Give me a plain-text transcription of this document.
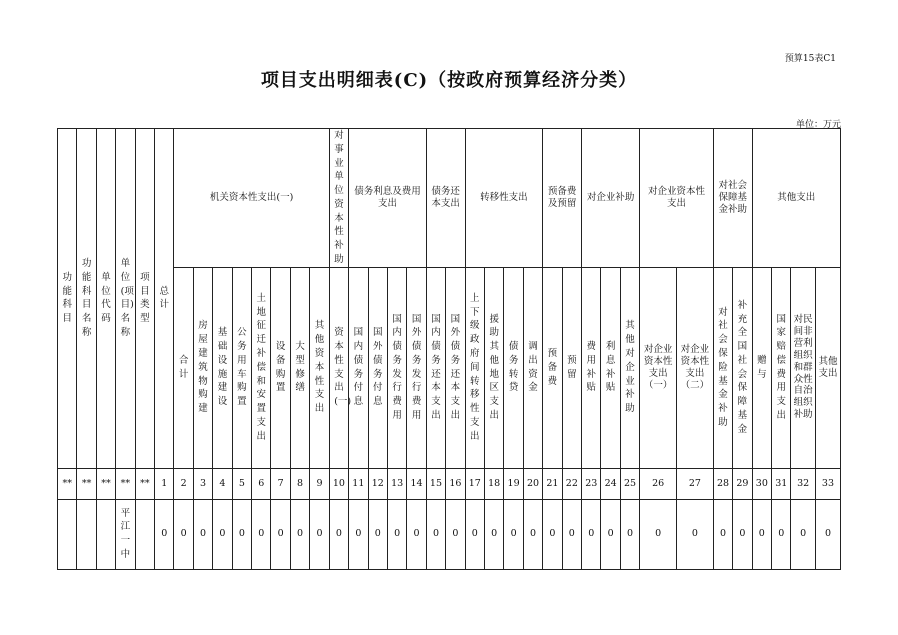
预算15表C1
项目支出明细表(C)（按政府预算经济分类）
单位：万元
功能科目	功能科目名称	单位代码	单位(项目)名称	项目类型	总计	机关资本性支出(一)								对事业单位资本性补助	债务利息及费用支出				债务还本支出		转移性支出				预备费及预留		对企业补助			对企业资本性支出		对社会保障基金补助		其他支出			
						合计	房屋建筑物购建	基础设施建设	公务用车购置	土地征迁补偿和安置支出	设备购置	大型修缮	其他资本性支出	资本性支出(一)	国内债务付息	国外债务付息	国内债务发行费用	国外债务发行费用	国内债务还本支出	国外债务还本支出	上下级政府间转移性支出	援助其他地区支出	债务转贷	调出资金	预备费	预留	费用补贴	利息补贴	其他对企业补助	对企业资本性支出（一）	对企业资本性支出（二）	对社会保险基金补助	补充全国社会保障基金	赠与	国家赔偿费用支出	对民间非营利组织和群众性自治组织补助	其他支出
**	**	**	**	**	1	2	3	4	5	6	7	8	9	10	11	12	13	14	15	16	17	18	19	20	21	22	23	24	25	26	27	28	29	30	31	32	33
			平江一中		0	0	0	0	0	0	0	0	0	0	0	0	0	0	0	0	0	0	0	0	0	0	0	0	0	0	0	0	0	0	0	0	0
